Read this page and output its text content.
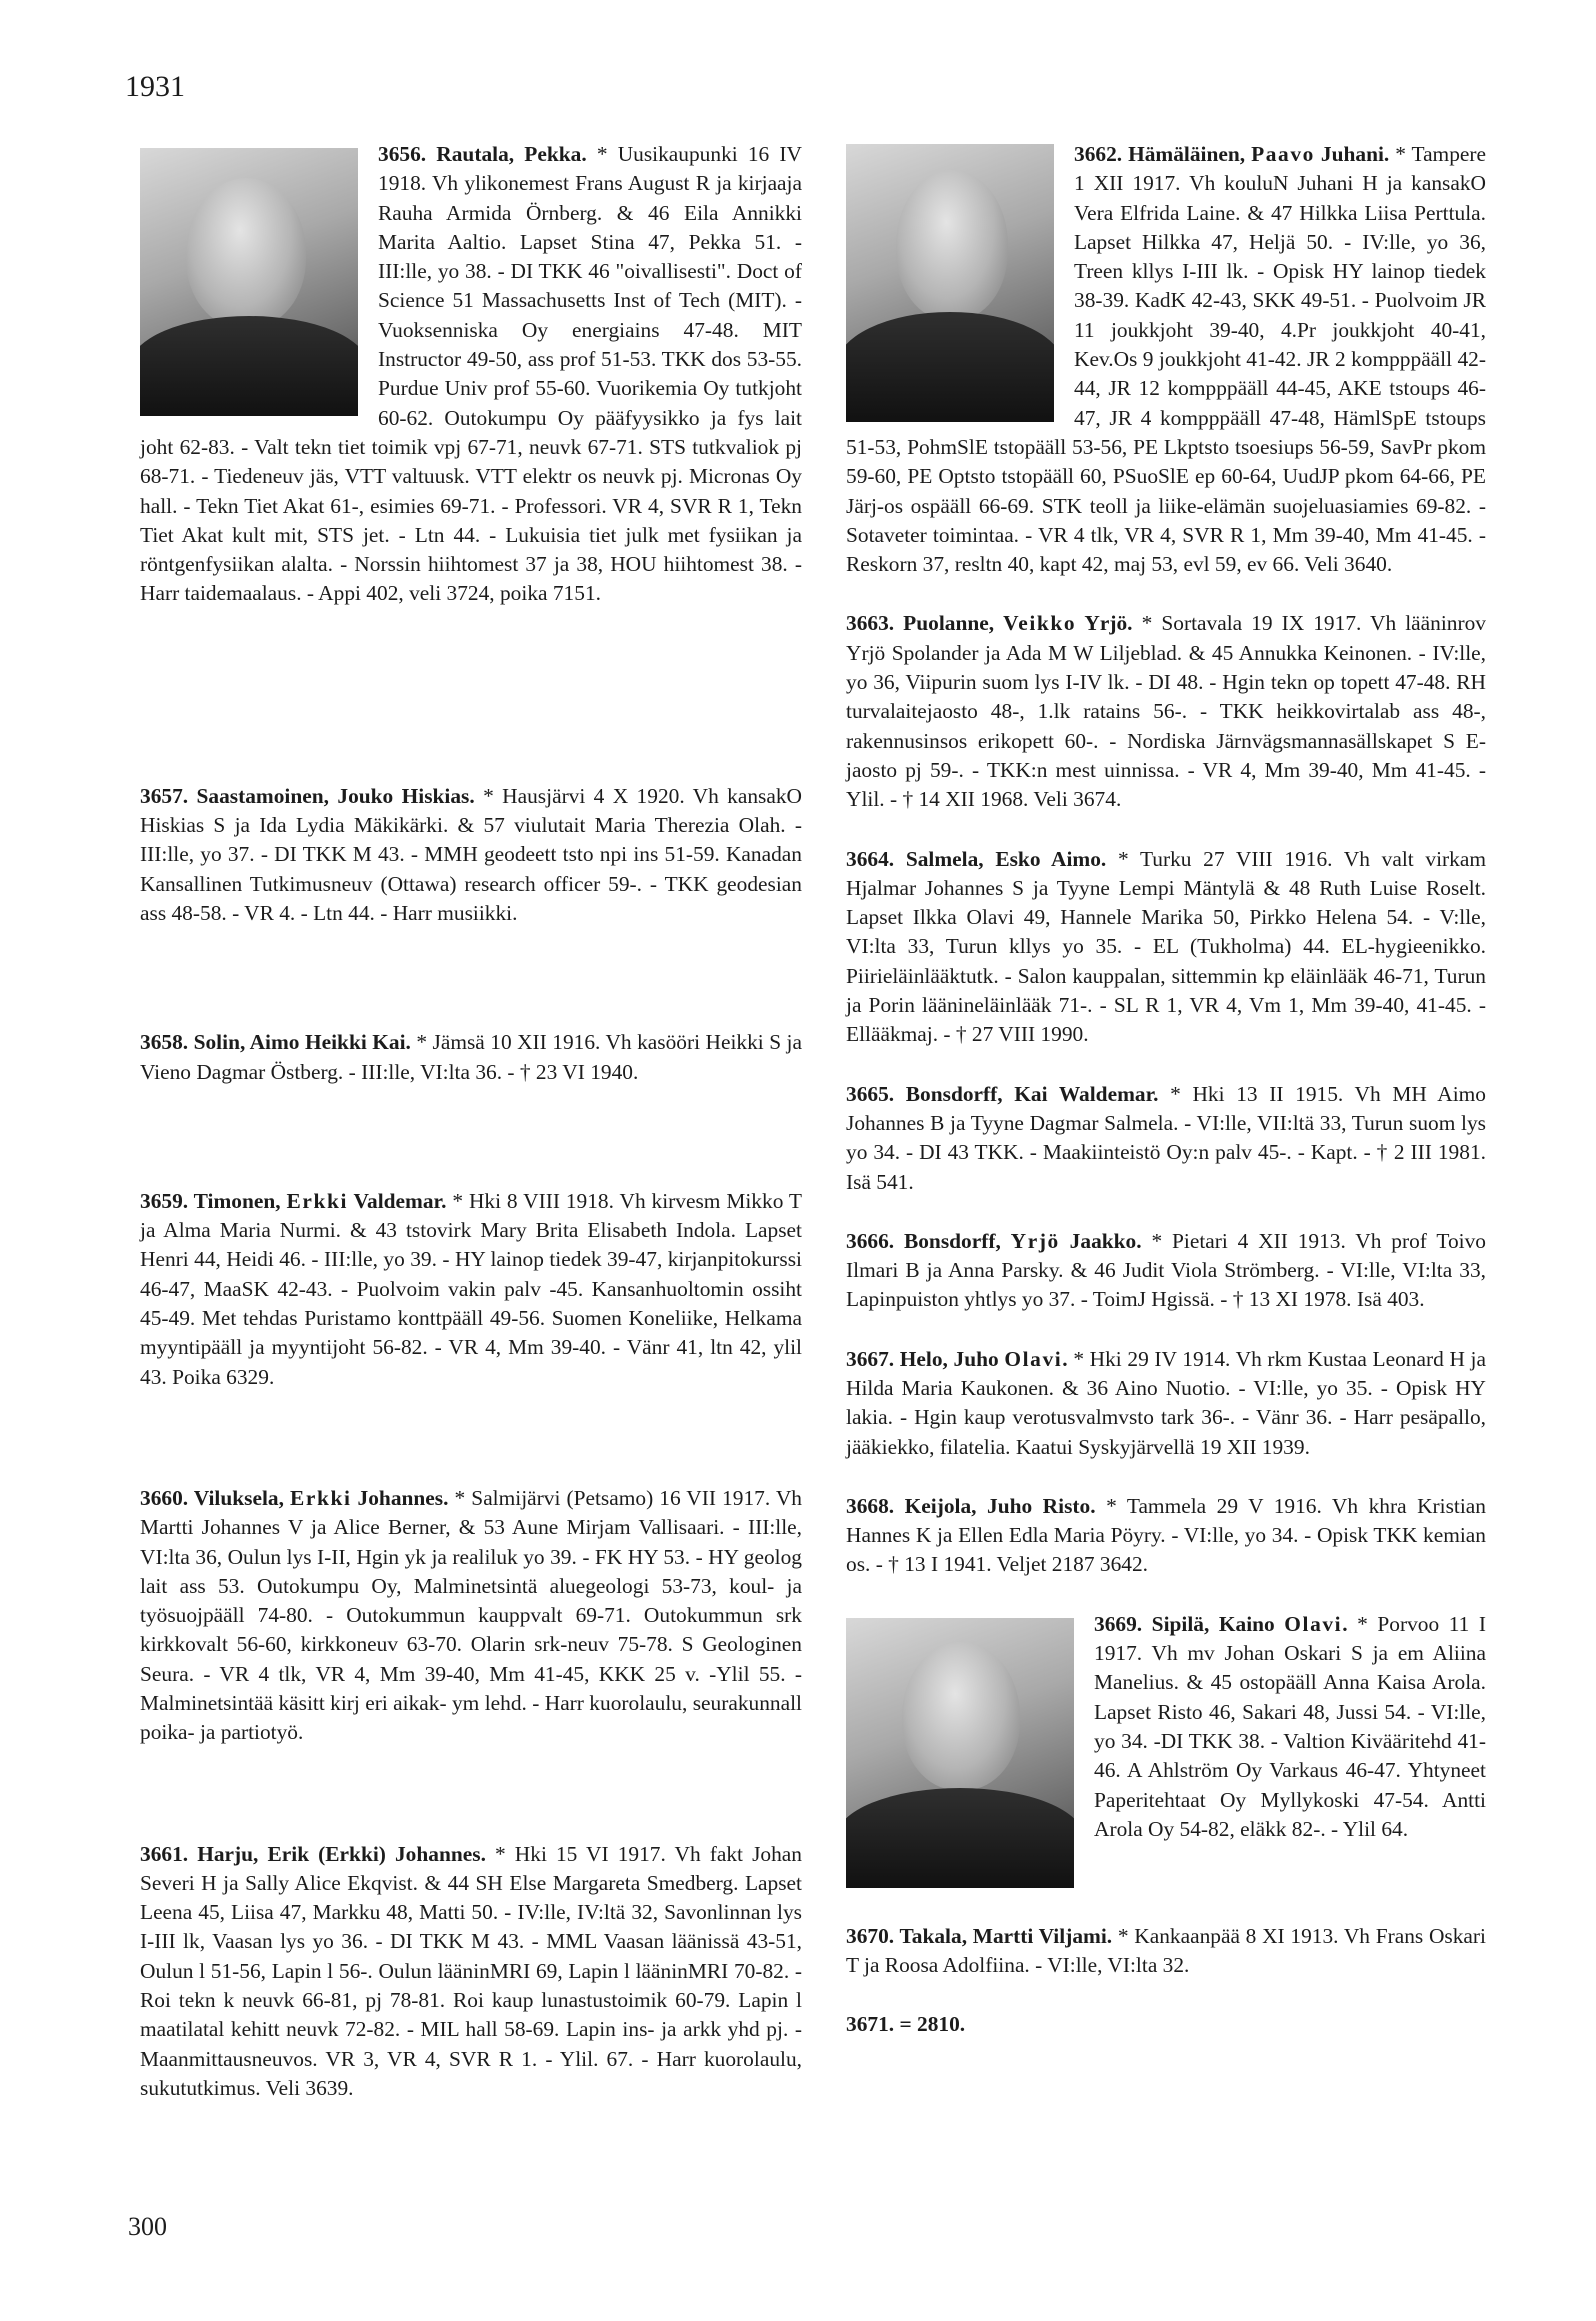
1931

3656. Rautala, Pekka. * Uusikaupunki 16 IV 1918. Vh ylikonemest Frans August R ja kirjaaja Rauha Armida Örnberg. & 46 Eila Annikki Marita Aaltio. Lapset Stina 47, Pekka 51. - III:lle, yo 38. - DI TKK 46 "oivallisesti". Doct of Science 51 Massachusetts Inst of Tech (MIT). - Vuoksenniska Oy energiains 47-48. MIT Instructor 49-50, ass prof 51-53. TKK dos 53-55. Purdue Univ prof 55-60. Vuorikemia Oy tutkjoht 60-62. Outokumpu Oy pääfyysikko ja fys lait joht 62-83. - Valt tekn tiet toimik vpj 67-71, neuvk 67-71. STS tutkvaliok pj 68-71. - Tiedeneuv jäs, VTT valtuusk. VTT elektr os neuvk pj. Micronas Oy hall. - Tekn Tiet Akat 61-, esimies 69-71. - Professori. VR 4, SVR R 1, Tekn Tiet Akat kult mit, STS jet. - Ltn 44. - Lukuisia tiet julk met fysiikan ja röntgenfysiikan alalta. - Norssin hiihtomest 37 ja 38, HOU hiihtomest 38. - Harr taidemaalaus. - Appi 402, veli 3724, poika 7151.

3657. Saastamoinen, Jouko Hiskias. * Hausjärvi 4 X 1920. Vh kansakO Hiskias S ja Ida Lydia Mäkikärki. & 57 viulutait Maria Therezia Olah. - III:lle, yo 37. - DI TKK M 43. - MMH geodeett tsto npi ins 51-59. Kanadan Kansallinen Tutkimusneuv (Ottawa) research officer 59-. - TKK geodesian ass 48-58. - VR 4. - Ltn 44. - Harr musiikki.

3658. Solin, Aimo Heikki Kai. * Jämsä 10 XII 1916. Vh kasööri Heikki S ja Vieno Dagmar Östberg. - III:lle, VI:lta 36. - † 23 VI 1940.

3659. Timonen, Erkki Valdemar. * Hki 8 VIII 1918. Vh kirvesm Mikko T ja Alma Maria Nurmi. & 43 tstovirk Mary Brita Elisabeth Indola. Lapset Henri 44, Heidi 46. - III:lle, yo 39. - HY lainop tiedek 39-47, kirjanpitokurssi 46-47, MaaSK 42-43. - Puolvoim vakin palv -45. Kansanhuoltomin ossiht 45-49. Met tehdas Puristamo konttpääll 49-56. Suomen Koneliike, Helkama myyntipääll ja myyntijoht 56-82. - VR 4, Mm 39-40. - Vänr 41, ltn 42, ylil 43. Poika 6329.

3660. Viluksela, Erkki Johannes. * Salmijärvi (Petsamo) 16 VII 1917. Vh Martti Johannes V ja Alice Berner, & 53 Aune Mirjam Vallisaari. - III:lle, VI:lta 36, Oulun lys I-II, Hgin yk ja realiluk yo 39. - FK HY 53. - HY geolog lait ass 53. Outokumpu Oy, Malminetsintä aluegeologi 53-73, koul- ja työsuojpääll 74-80. - Outokummun kauppvalt 69-71. Outokummun srk kirkkovalt 56-60, kirkkoneuv 63-70. Olarin srk-neuv 75-78. S Geologinen Seura. - VR 4 tlk, VR 4, Mm 39-40, Mm 41-45, KKK 25 v. -Ylil 55. - Malminetsintää käsitt kirj eri aikak- ym lehd. - Harr kuorolaulu, seurakunnall poika- ja partiotyö.

3661. Harju, Erik (Erkki) Johannes. * Hki 15 VI 1917. Vh fakt Johan Severi H ja Sally Alice Ekqvist. & 44 SH Else Margareta Smedberg. Lapset Leena 45, Liisa 47, Markku 48, Matti 50. - IV:lle, IV:ltä 32, Savonlinnan lys I-III lk, Vaasan lys yo 36. - DI TKK M 43. - MML Vaasan läänissä 43-51, Oulun l 51-56, Lapin l 56-. Oulun lääninMRI 69, Lapin l lääninMRI 70-82. - Roi tekn k neuvk 66-81, pj 78-81. Roi kaup lunastustoimik 60-79. Lapin l maatilatal kehitt neuvk 72-82. - MIL hall 58-69. Lapin ins- ja arkk yhd pj. - Maanmittausneuvos. VR 3, VR 4, SVR R 1. - Ylil. 67. - Harr kuorolaulu, sukututkimus. Veli 3639.

3662. Hämäläinen, Paavo Juhani. * Tampere 1 XII 1917. Vh kouluN Juhani H ja kansakO Vera Elfrida Laine. & 47 Hilkka Liisa Perttula. Lapset Hilkka 47, Heljä 50. - IV:lle, yo 36, Treen kllys I-III lk. - Opisk HY lainop tiedek 38-39. KadK 42-43, SKK 49-51. - Puolvoim JR 11 joukkjoht 39-40, 4.Pr joukkjoht 40-41, Kev.Os 9 joukkjoht 41-42. JR 2 kompppääll 42-44, JR 12 kompppääll 44-45, AKE tstoups 46-47, JR 4 kompppääll 47-48, HämlSpE tstoups 51-53, PohmSlE tstopääll 53-56, PE Lkptsto tsoesiups 56-59, SavPr pkom 59-60, PE Optsto tstopääll 60, PSuoSlE ep 60-64, UudJP pkom 64-66, PE Järj-os ospääll 66-69. STK teoll ja liike-elämän suojeluasiamies 69-82. - Sotaveter toimintaa. - VR 4 tlk, VR 4, SVR R 1, Mm 39-40, Mm 41-45. - Reskorn 37, resltn 40, kapt 42, maj 53, evl 59, ev 66. Veli 3640.

3663. Puolanne, Veikko Yrjö. * Sortavala 19 IX 1917. Vh lääninrov Yrjö Spolander ja Ada M W Liljeblad. & 45 Annukka Keinonen. - IV:lle, yo 36, Viipurin suom lys I-IV lk. - DI 48. - Hgin tekn op topett 47-48. RH turvalaitejaosto 48-, 1.lk ratains 56-. - TKK heikkovirtalab ass 48-, rakennusinsos erikopett 60-. - Nordiska Järnvägsmannasällskapet S E-jaosto pj 59-. - TKK:n mest uinnissa. - VR 4, Mm 39-40, Mm 41-45. - Ylil. - † 14 XII 1968. Veli 3674.

3664. Salmela, Esko Aimo. * Turku 27 VIII 1916. Vh valt virkam Hjalmar Johannes S ja Tyyne Lempi Mäntylä & 48 Ruth Luise Roselt. Lapset Ilkka Olavi 49, Hannele Marika 50, Pirkko Helena 54. - V:lle, VI:lta 33, Turun kllys yo 35. - EL (Tukholma) 44. EL-hygieenikko. Piirieläinlääktutk. - Salon kauppalan, sittemmin kp eläinlääk 46-71, Turun ja Porin läänineläinlääk 71-. - SL R 1, VR 4, Vm 1, Mm 39-40, 41-45. - Ellääkmaj. - † 27 VIII 1990.

3665. Bonsdorff, Kai Waldemar. * Hki 13 II 1915. Vh MH Aimo Johannes B ja Tyyne Dagmar Salmela. - VI:lle, VII:ltä 33, Turun suom lys yo 34. - DI 43 TKK. - Maakiinteistö Oy:n palv 45-. - Kapt. - † 2 III 1981. Isä 541.

3666. Bonsdorff, Yrjö Jaakko. * Pietari 4 XII 1913. Vh prof Toivo Ilmari B ja Anna Parsky. & 46 Judit Viola Strömberg. - VI:lle, VI:lta 33, Lapinpuiston yhtlys yo 37. - ToimJ Hgissä. - † 13 XI 1978. Isä 403.

3667. Helo, Juho Olavi. * Hki 29 IV 1914. Vh rkm Kustaa Leonard H ja Hilda Maria Kaukonen. & 36 Aino Nuotio. - VI:lle, yo 35. - Opisk HY lakia. - Hgin kaup verotusvalmvsto tark 36-. - Vänr 36. - Harr pesäpallo, jääkiekko, filatelia. Kaatui Syskyjärvellä 19 XII 1939.

3668. Keijola, Juho Risto. * Tammela 29 V 1916. Vh khra Kristian Hannes K ja Ellen Edla Maria Pöyry. - VI:lle, yo 34. - Opisk TKK kemian os. - † 13 I 1941. Veljet 2187 3642.

3669. Sipilä, Kaino Olavi. * Porvoo 11 I 1917. Vh mv Johan Oskari S ja em Aliina Manelius. & 45 ostopääll Anna Kaisa Arola. Lapset Risto 46, Sakari 48, Jussi 54. - VI:lle, yo 34. -DI TKK 38. - Valtion Kivääritehd 41-46. A Ahlström Oy Varkaus 46-47. Yhtyneet Paperitehtaat Oy Myllykoski 47-54. Antti Arola Oy 54-82, eläkk 82-. - Ylil 64.

3670. Takala, Martti Viljami. * Kankaanpää 8 XI 1913. Vh Frans Oskari T ja Roosa Adolfiina. - VI:lle, VI:lta 32.

3671. = 2810.

300
